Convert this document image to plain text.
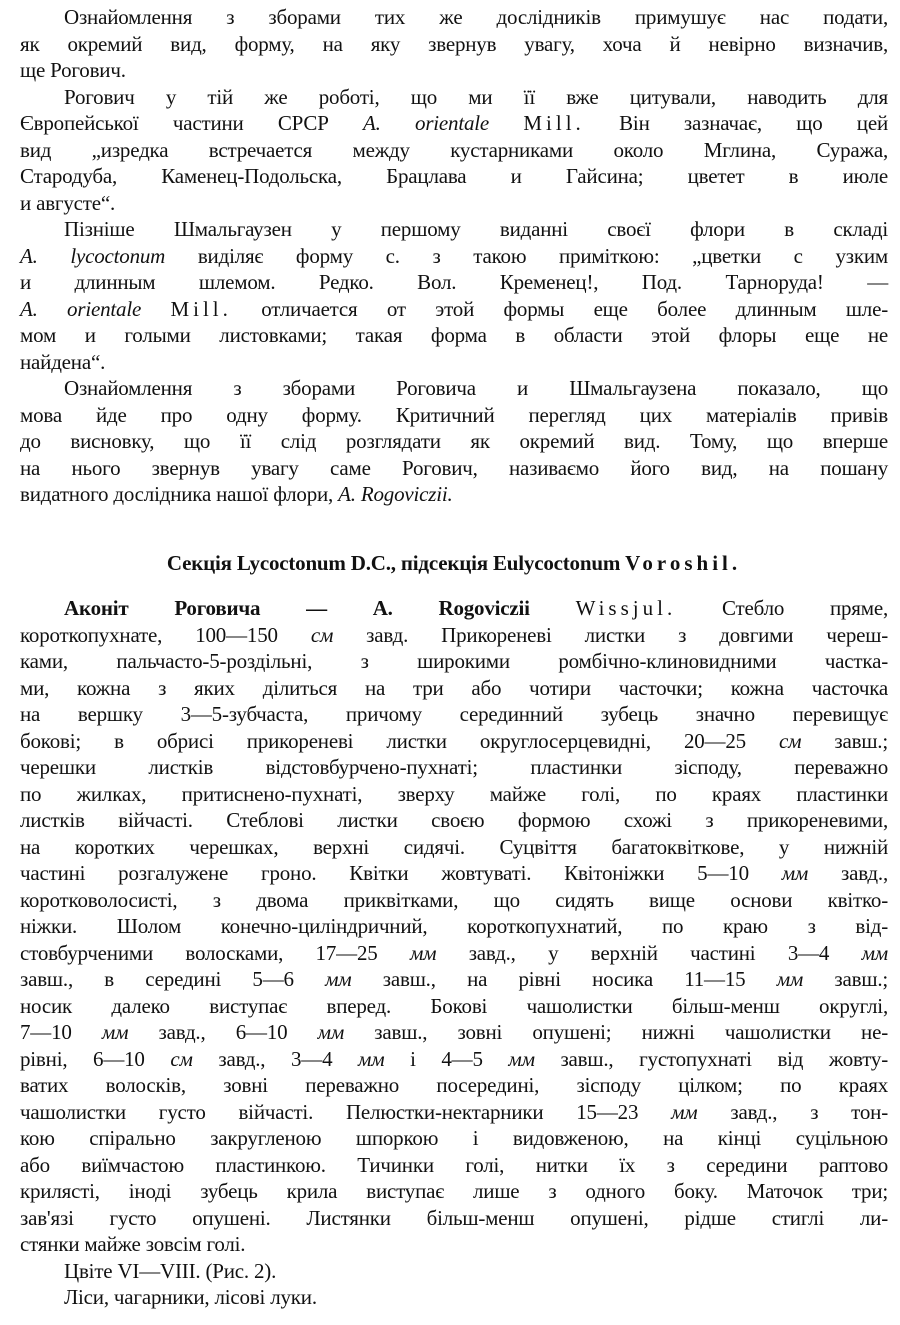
Ознайомлення з зборами тих же дослідників примушує нас подати,
як окремий вид, форму, на яку звернув увагу, хоча й невірно визначив,
ще Рогович.
Рогович у тій же роботі, що ми її вже цитували, наводить для
Європейської частини СРСР A. orientale Mill. Він зазначає, що цей
вид „изредка встречается между кустарниками около Мглина, Суража,
Стародуба, Каменец-Подольска, Брацлава и Гайсина; цветет в июле
и августе“.
Пізніше Шмальгаузен у першому виданні своєї флори в складі
A. lycoctonum виділяє форму c. з такою приміткою: „цветки с узким
и длинным шлемом. Редко. Вол. Кременец!, Под. Тарноруда! —
A. orientale Mill. отличается от этой формы еще более длинным шле-
мом и голыми листовками; такая форма в области этой флоры еще не
найдена“.
Ознайомлення з зборами Роговича и Шмальгаузена показало, що
мова йде про одну форму. Критичний перегляд цих матеріалів привів
до висновку, що її слід розглядати як окремий вид. Тому, що вперше
на нього звернув увагу саме Рогович, називаємо його вид, на пошану
видатного дослідника нашої флори, A. Rogoviczii.
Секція Lycoctonum D.C., підсекція Eulycoctonum Voroshil.
Аконіт Роговича — A. Rogoviczii Wissjul. Стебло пряме,
короткопухнате, 100—150 см завд. Прикореневі листки з довгими череш-
ками, пальчасто-5-роздільні, з широкими ромбічно-клиновидними частка-
ми, кожна з яких ділиться на три або чотири часточки; кожна часточка
на вершку 3—5-зубчаста, причому серединний зубець значно перевищує
бокові; в обрисі прикореневі листки округлосерцевидні, 20—25 см завш.;
черешки листків відстовбурчено-пухнаті; пластинки зісподу, переважно
по жилках, притиснено-пухнаті, зверху майже голі, по краях пластинки
листків війчасті. Стеблові листки своєю формою схожі з прикореневими,
на коротких черешках, верхні сидячі. Суцвіття багатоквіткове, у нижній
частині розгалужене гроно. Квітки жовтуваті. Квітоніжки 5—10 мм завд.,
коротковолосисті, з двома приквітками, що сидять вище основи квітко-
ніжки. Шолом конечно-циліндричний, короткопухнатий, по краю з від-
стовбурченими волосками, 17—25 мм завд., у верхній частині 3—4 мм
завш., в середині 5—6 мм завш., на рівні носика 11—15 мм завш.;
носик далеко виступає вперед. Бокові чашолистки більш-менш округлі,
7—10 мм завд., 6—10 мм завш., зовні опушені; нижні чашолистки не-
рівні, 6—10 см завд., 3—4 мм і 4—5 мм завш., густопухнаті від жовту-
ватих волосків, зовні переважно посередині, зісподу цілком; по краях
чашолистки густо війчасті. Пелюстки-нектарники 15—23 мм завд., з тон-
кою спірально закругленою шпоркою і видовженою, на кінці суцільною
або виїмчастою пластинкою. Тичинки голі, нитки їх з середини раптово
крилясті, іноді зубець крила виступає лише з одного боку. Маточок три;
зав'язі густо опушені. Листянки більш-менш опушені, рідше стиглі ли-
стянки майже зовсім голі.
Цвіте VI—VIII. (Рис. 2).
Ліси, чагарники, лісові луки.
